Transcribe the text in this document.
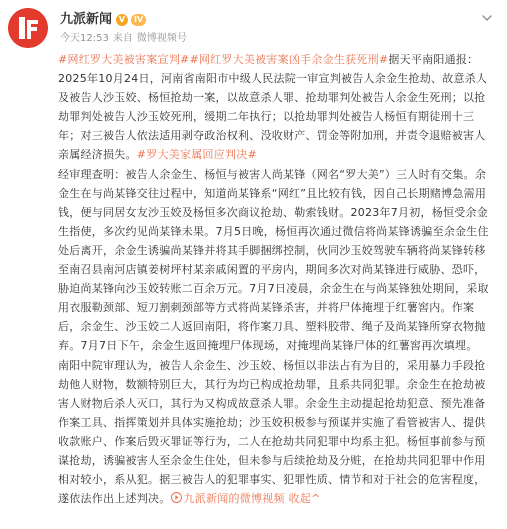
九派新闻 V	IV
今天12:53 来自 微博视频号

#网红罗大美被害案宣判##网红罗大美被害案凶手余金生获死刑#据天平南阳通报：2025年10月24日，河南省南阳市中级人民法院一审宣判被告人余金生抢劫、故意杀人及被告人沙玉姣、杨恒抢劫一案，以故意杀人罪、抢劫罪判处被告人余金生死刑；以抢劫罪判处被告人沙玉姣死刑，缓期二年执行；以抢劫罪判处被告人杨恒有期徒刑十三年；对三被告人依法适用剥夺政治权利、没收财产、罚金等附加刑，并责令退赔被害人亲属经济损失。#罗大美家属回应判决#

经审理查明：被告人余金生、杨恒与被害人尚某锋（网名“罗大美”）三人时有交集。余金生在与尚某锋交往过程中，知道尚某锋系“网红”且比较有钱，因自己长期赌博急需用钱，便与同居女友沙玉姣及杨恒多次商议抢劫、勒索钱财。2023年7月初，杨恒受余金生指使，多次约见尚某锋未果。7月5日晚，杨恒再次通过微信将尚某锋诱骗至余金生住处后离开，余金生诱骗尚某锋并将其手脚捆绑控制，伙同沙玉姣驾驶车辆将尚某锋转移至南召县南河店镇姜树坪村某亲戚闲置的平房内，期间多次对尚某锋进行威胁、恐吓，胁迫尚某锋向沙玉姣转账二百余万元。7月7日凌晨，余金生在与尚某锋独处期间，采取用衣服勒颈部、短刀割刺颈部等方式将尚某锋杀害，并将尸体掩埋于红薯窖内。作案后，余金生、沙玉姣二人返回南阳，将作案刀具、塑料胶带、绳子及尚某锋所穿衣物抛弃。7月7日下午，余金生返回掩埋尸体现场，对掩埋尚某锋尸体的红薯窖再次填埋。

南阳中院审理认为，被告人余金生、沙玉姣、杨恒以非法占有为目的，采用暴力手段抢劫他人财物，数额特别巨大，其行为均已构成抢劫罪，且系共同犯罪。余金生在抢劫被害人财物后杀人灭口，其行为又构成故意杀人罪。余金生主动提起抢劫犯意、预先准备作案工具、指挥策划并具体实施抢劫；沙玉姣积极参与预谋并实施了看管被害人、提供收款账户、作案后毁灭罪证等行为，二人在抢劫共同犯罪中均系主犯。杨恒事前参与预谋抢劫，诱骗被害人至余金生住处，但未参与后续抢劫及分赃，在抢劫共同犯罪中作用相对较小，系从犯。据三被告人的犯罪事实、犯罪性质、情节和对于社会的危害程度，遂依法作出上述判决。 九派新闻的微博视频 收起^
